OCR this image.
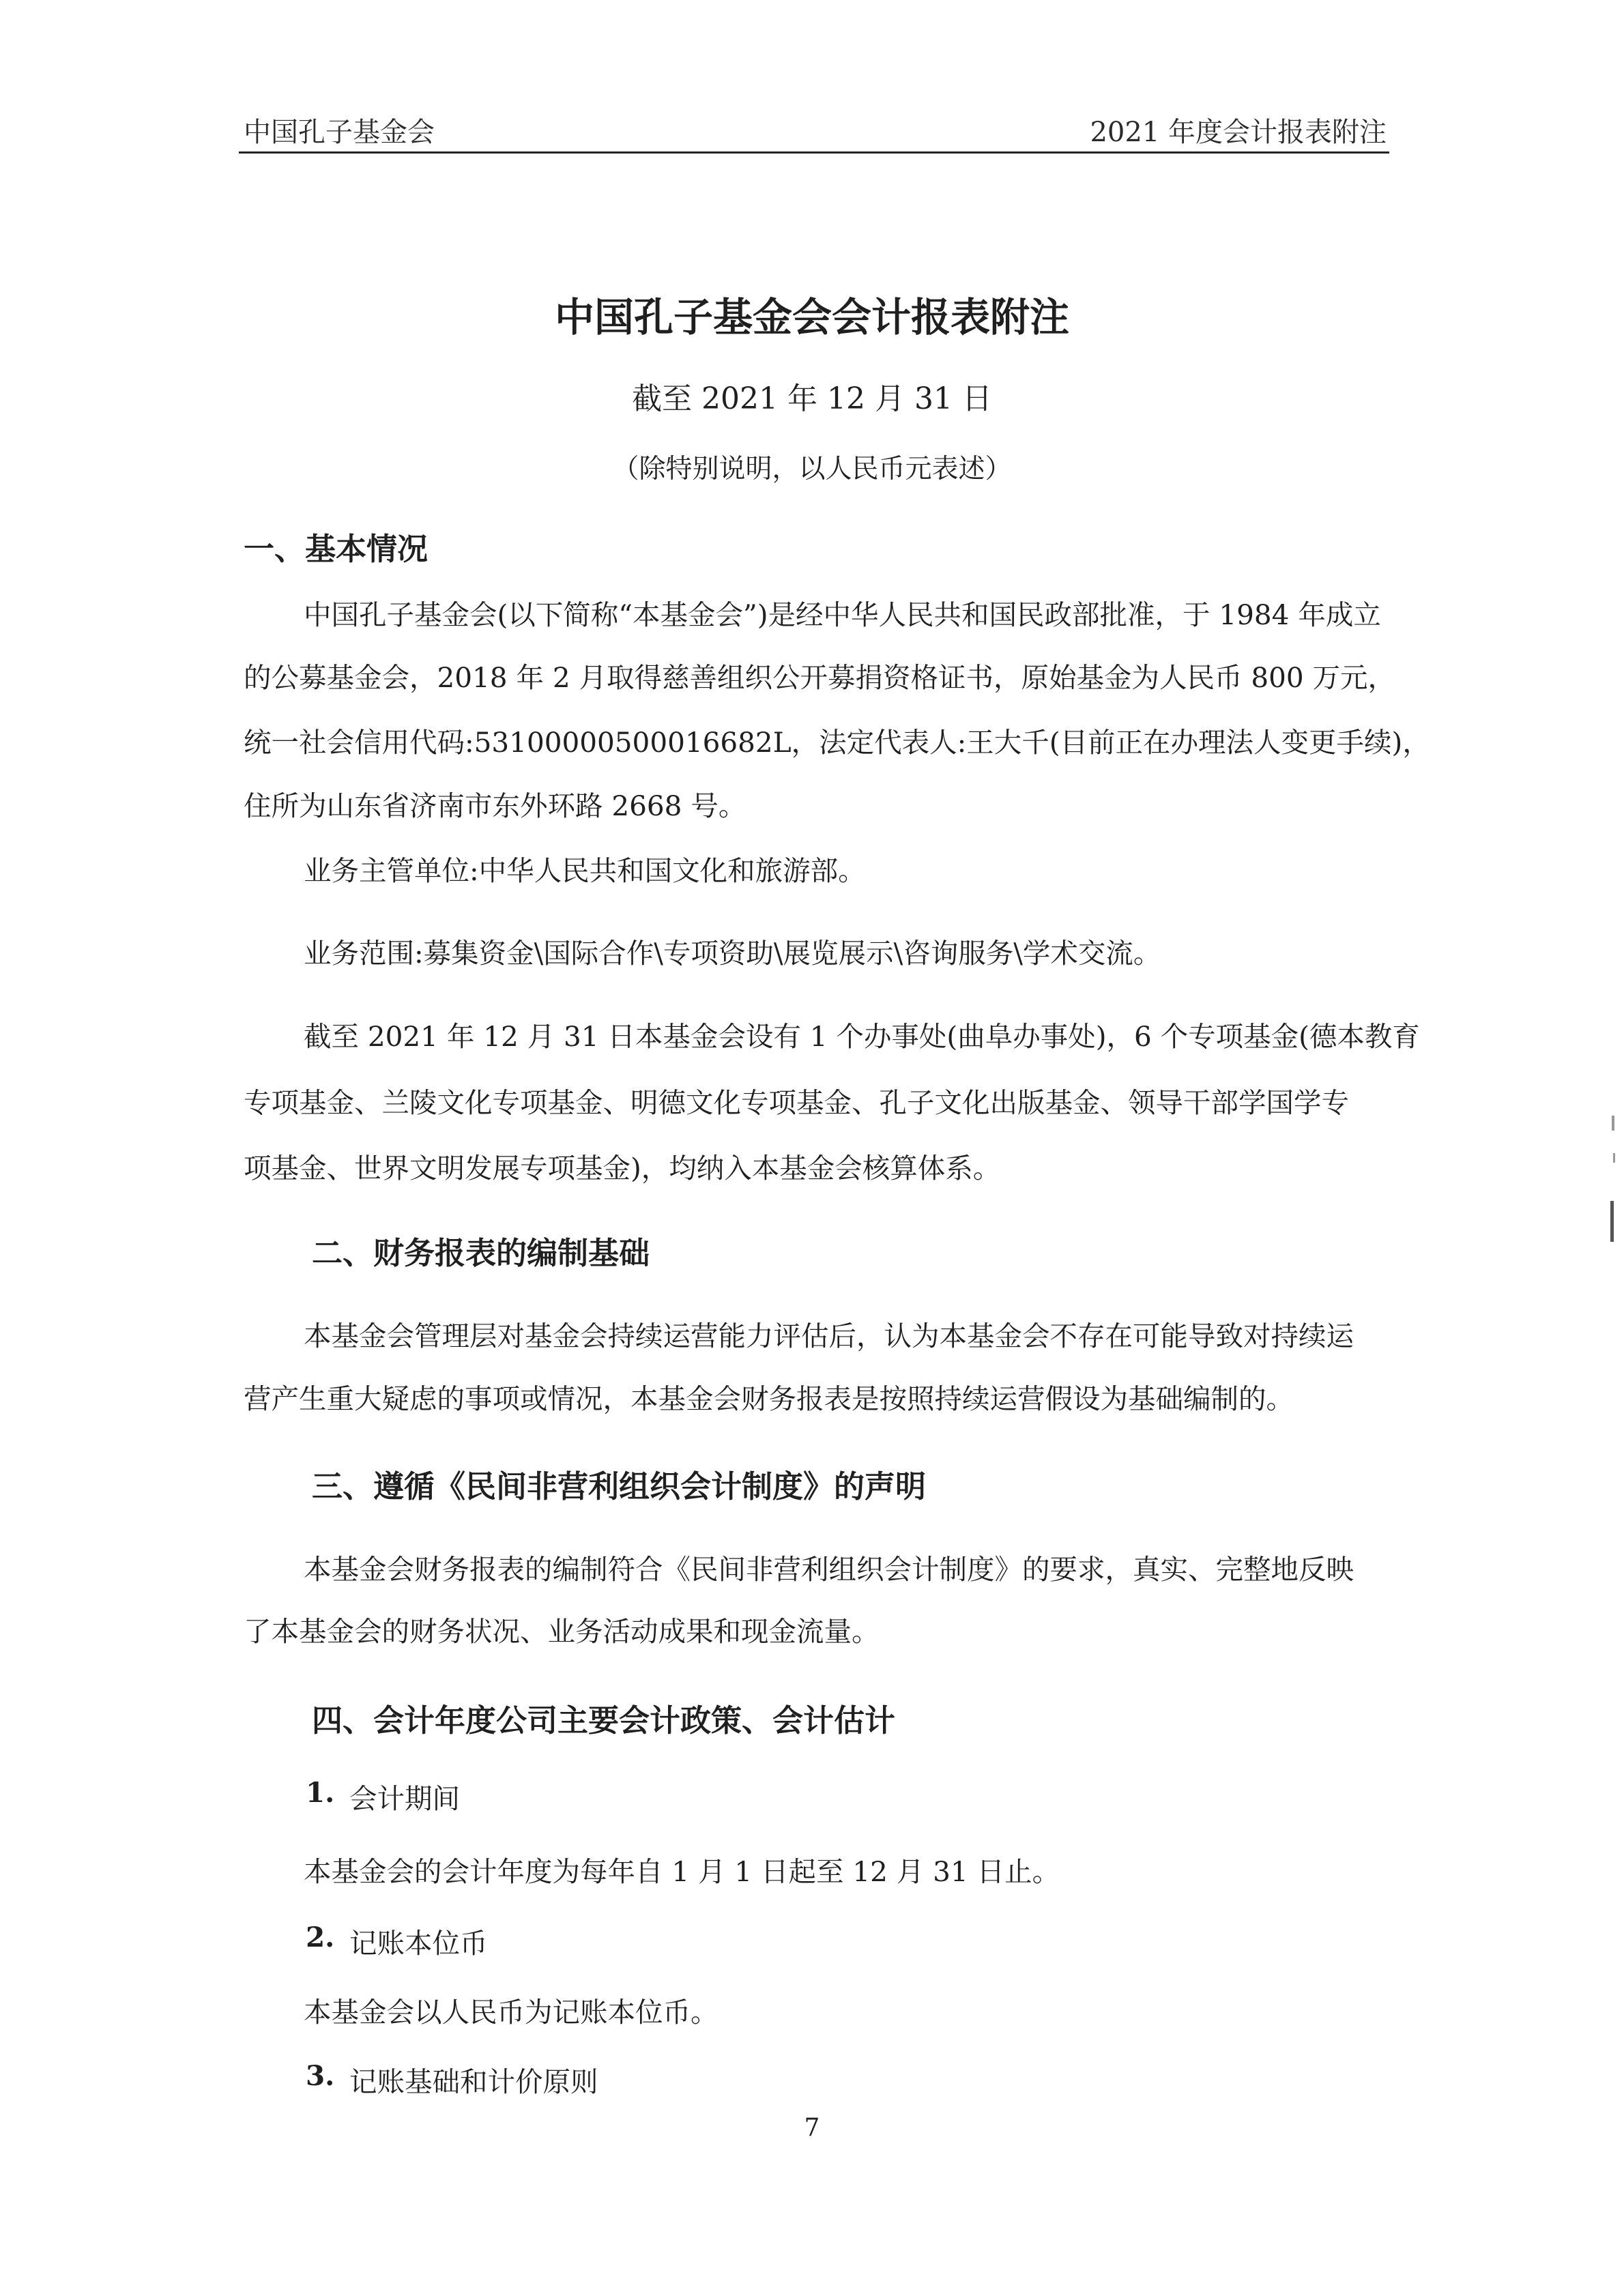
中国孔子基金会	2021 年度会计报表附注
中国孔子基金会会计报表附注
截至 2021 年 12 月 31 日
（除特别说明，以人民币元表述）
一、基本情况
中国孔子基金会(以下简称“本基金会”)是经中华人民共和国民政部批准，于 1984 年成立
的公募基金会，2018 年 2 月取得慈善组织公开募捐资格证书，原始基金为人民币 800 万元，
统一社会信用代码:53100000500016682L，法定代表人:王大千(目前正在办理法人变更手续)，
住所为山东省济南市东外环路 2668 号。
业务主管单位:中华人民共和国文化和旅游部。
业务范围:募集资金\国际合作\专项资助\展览展示\咨询服务\学术交流。
截至 2021 年 12 月 31 日本基金会设有 1 个办事处(曲阜办事处)，6 个专项基金(德本教育
专项基金、兰陵文化专项基金、明德文化专项基金、孔子文化出版基金、领导干部学国学专
项基金、世界文明发展专项基金)，均纳入本基金会核算体系。
二、财务报表的编制基础
本基金会管理层对基金会持续运营能力评估后，认为本基金会不存在可能导致对持续运
营产生重大疑虑的事项或情况，本基金会财务报表是按照持续运营假设为基础编制的。
三、遵循《民间非营利组织会计制度》的声明
本基金会财务报表的编制符合《民间非营利组织会计制度》的要求，真实、完整地反映
了本基金会的财务状况、业务活动成果和现金流量。
四、会计年度公司主要会计政策、会计估计
1. 会计期间
本基金会的会计年度为每年自 1 月 1 日起至 12 月 31 日止。
2. 记账本位币
本基金会以人民币为记账本位币。
3. 记账基础和计价原则
7
